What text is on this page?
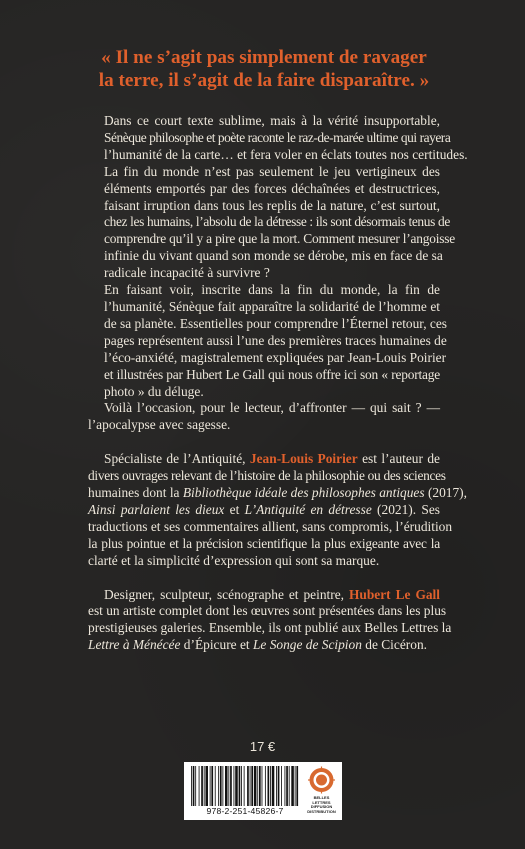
« Il ne s’agit pas simplement de ravager
la terre, il s’agit de la faire disparaître. »

Dans ce court texte sublime, mais à la vérité insupportable,
Sénèque philosophe et poète raconte le raz-de-marée ultime qui rayera
l’humanité de la carte… et fera voler en éclats toutes nos certitudes.

La fin du monde n’est pas seulement le jeu vertigineux des
éléments emportés par des forces déchaînées et destructrices,
faisant irruption dans tous les replis de la nature, c’est surtout,
chez les humains, l’absolu de la détresse : ils sont désormais tenus de
comprendre qu’il y a pire que la mort. Comment mesurer l’angoisse
infinie du vivant quand son monde se dérobe, mis en face de sa
radicale incapacité à survivre ?

En faisant voir, inscrite dans la fin du monde, la fin de
l’humanité, Sénèque fait apparaître la solidarité de l’homme et
de sa planète. Essentielles pour comprendre l’Éternel retour, ces
pages représentent aussi l’une des premières traces humaines de
l’éco-anxiété, magistralement expliquées par Jean-Louis Poirier
et illustrées par Hubert Le Gall qui nous offre ici son « reportage
photo » du déluge.

Voilà l’occasion, pour le lecteur, d’affronter — qui sait ? —
l’apocalypse avec sagesse.

Spécialiste de l’Antiquité, Jean-Louis Poirier est l’auteur de
divers ouvrages relevant de l’histoire de la philosophie ou des sciences
humaines dont la Bibliothèque idéale des philosophes antiques (2017),
Ainsi parlaient les dieux et L’Antiquité en détresse (2021). Ses
traductions et ses commentaires allient, sans compromis, l’érudition
la plus pointue et la précision scientifique la plus exigeante avec la
clarté et la simplicité d’expression qui sont sa marque.

Designer, sculpteur, scénographe et peintre, Hubert Le Gall
est un artiste complet dont les œuvres sont présentées dans les plus
prestigieuses galeries. Ensemble, ils ont publié aux Belles Lettres la
Lettre à Ménécée d’Épicure et Le Songe de Scipion de Cicéron.

17 €
978-2-251-45826-7
BELLES LETTRES
DIFFUSION
DISTRIBUTION
